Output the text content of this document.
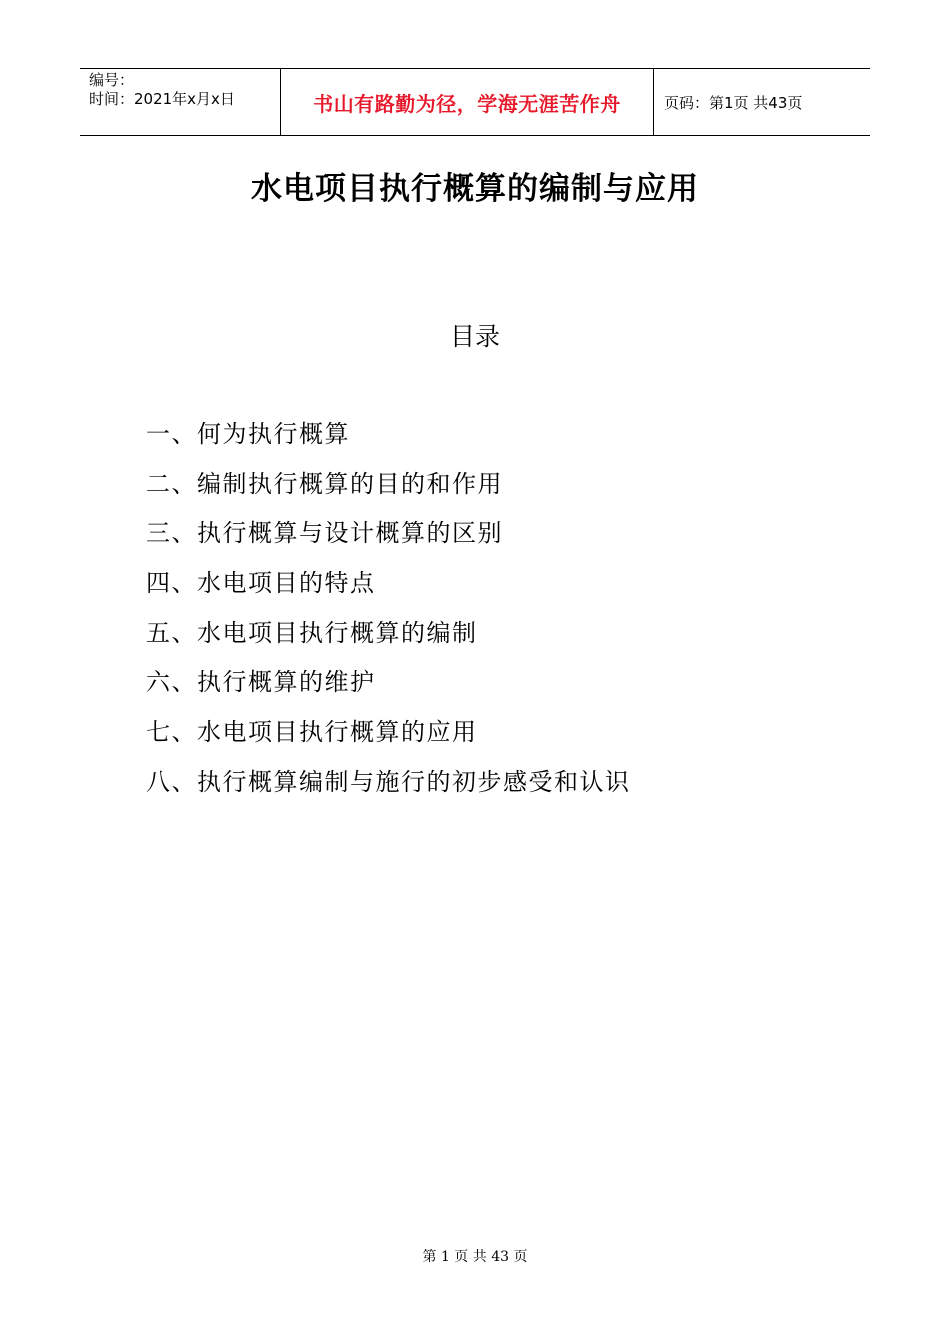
编号：
时间：2021年x月x日	书山有路勤为径，学海无涯苦作舟	页码：第1页 共43页
水电项目执行概算的编制与应用
目录
一、何为执行概算
二、编制执行概算的目的和作用
三、执行概算与设计概算的区别
四、水电项目的特点
五、水电项目执行概算的编制
六、执行概算的维护
七、水电项目执行概算的应用
八、执行概算编制与施行的初步感受和认识
第 1 页 共 43 页
